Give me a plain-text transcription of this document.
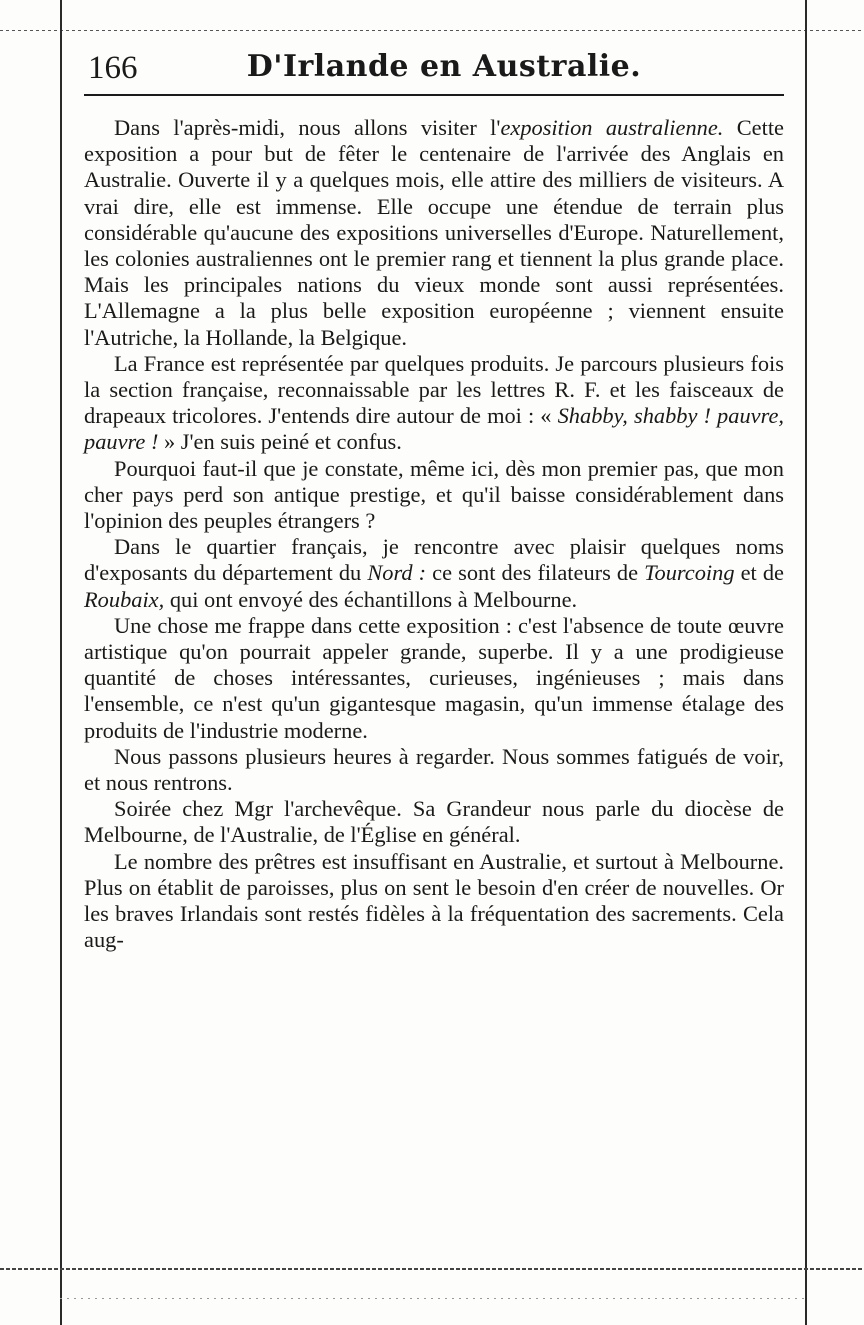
166	D'Irlande en Australie.

Dans l'après-midi, nous allons visiter l'exposition australienne. Cette exposition a pour but de fêter le centenaire de l'arrivée des Anglais en Australie. Ouverte il y a quelques mois, elle attire des milliers de visiteurs. A vrai dire, elle est immense. Elle occupe une étendue de terrain plus considérable qu'aucune des expositions universelles d'Europe. Naturellement, les colonies australiennes ont le premier rang et tiennent la plus grande place. Mais les principales nations du vieux monde sont aussi représentées. L'Allemagne a la plus belle exposition européenne ; viennent ensuite l'Autriche, la Hollande, la Belgique.

La France est représentée par quelques produits. Je parcours plusieurs fois la section française, reconnaissable par les lettres R. F. et les faisceaux de drapeaux tricolores. J'entends dire autour de moi : « Shabby, shabby ! pauvre, pauvre ! » J'en suis peiné et confus.

Pourquoi faut-il que je constate, même ici, dès mon premier pas, que mon cher pays perd son antique prestige, et qu'il baisse considérablement dans l'opinion des peuples étrangers ?

Dans le quartier français, je rencontre avec plaisir quelques noms d'exposants du département du Nord : ce sont des filateurs de Tourcoing et de Roubaix, qui ont envoyé des échantillons à Melbourne.

Une chose me frappe dans cette exposition : c'est l'absence de toute œuvre artistique qu'on pourrait appeler grande, superbe. Il y a une prodigieuse quantité de choses intéressantes, curieuses, ingénieuses ; mais dans l'ensemble, ce n'est qu'un gigantesque magasin, qu'un immense étalage des produits de l'industrie moderne.

Nous passons plusieurs heures à regarder. Nous sommes fatigués de voir, et nous rentrons.

Soirée chez Mgr l'archevêque. Sa Grandeur nous parle du diocèse de Melbourne, de l'Australie, de l'Église en général.

Le nombre des prêtres est insuffisant en Australie, et surtout à Melbourne. Plus on établit de paroisses, plus on sent le besoin d'en créer de nouvelles. Or les braves Irlandais sont restés fidèles à la fréquentation des sacrements. Cela aug-
